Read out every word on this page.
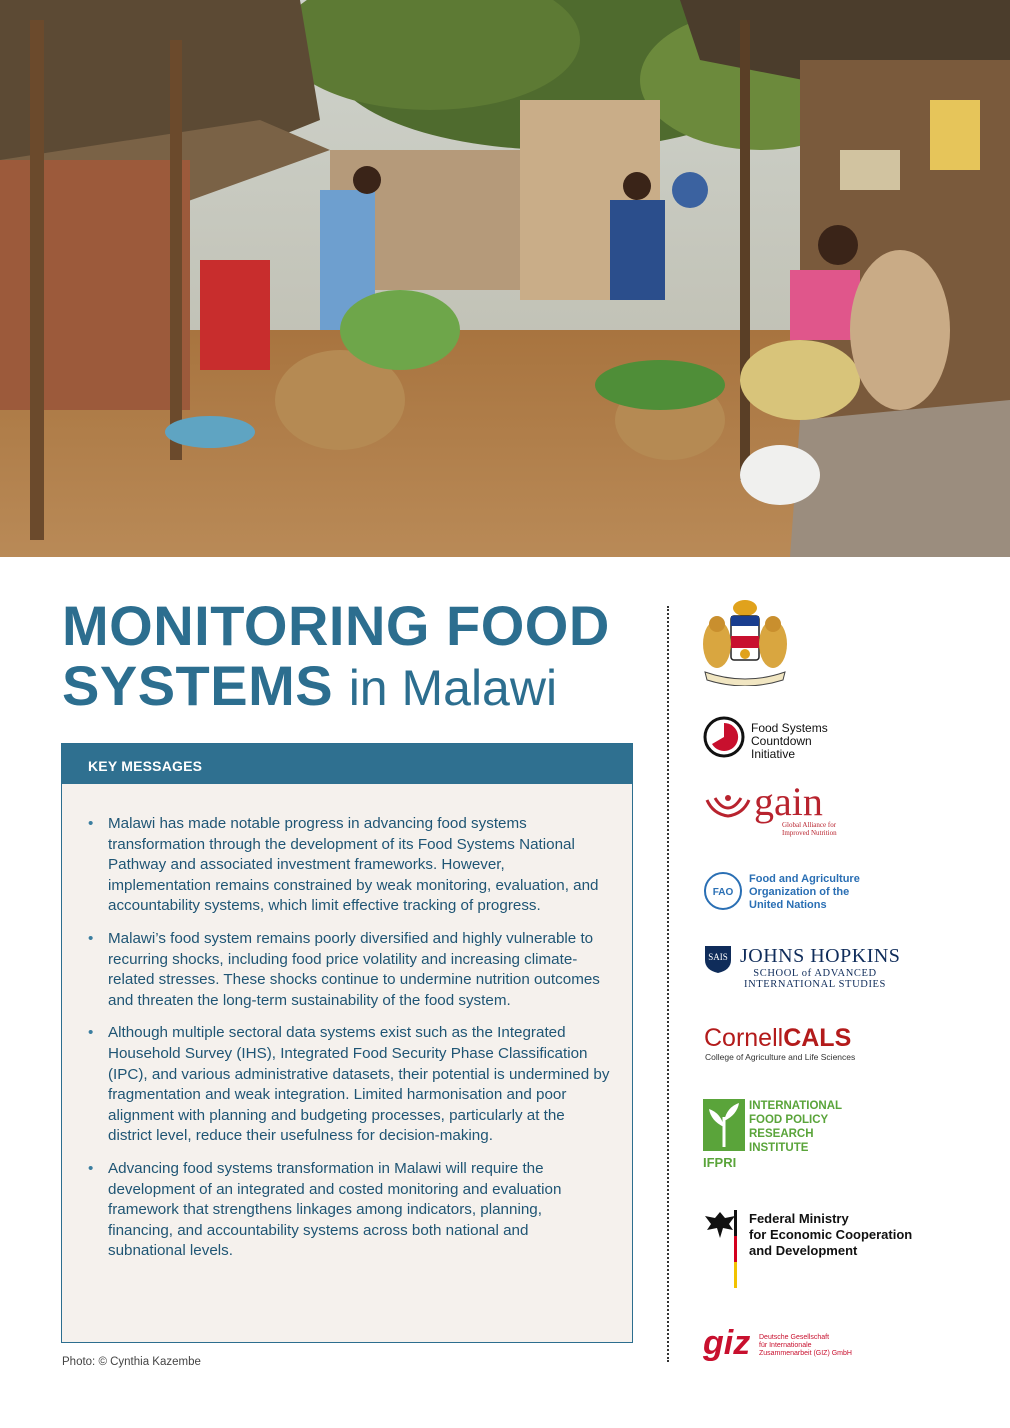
MONITORING FOOD SYSTEMS in Malawi
KEY MESSAGES
• Malawi has made notable progress in advancing food systems transformation through the development of its Food Systems National Pathway and associated investment frameworks. However, implementation remains constrained by weak monitoring, evaluation, and accountability systems, which limit effective tracking of progress.
• Malawi’s food system remains poorly diversified and highly vulnerable to recurring shocks, including food price volatility and increasing climate-related stresses. These shocks continue to undermine nutrition outcomes and threaten the long-term sustainability of the food system.
• Although multiple sectoral data systems exist such as the Integrated Household Survey (IHS), Integrated Food Security Phase Classification (IPC), and various administrative datasets, their potential is undermined by fragmentation and weak integration. Limited harmonisation and poor alignment with planning and budgeting processes, particularly at the district level, reduce their usefulness for decision-making.
• Advancing food systems transformation in Malawi will require the development of an integrated and costed monitoring and evaluation framework that strengthens linkages among indicators, planning, financing, and accountability systems across both national and subnational levels.
Photo: © Cynthia Kazembe
Food Systems
Countdown
Initiative
gain
Global Alliance for Improved Nutrition
FAO
Food and Agriculture
Organization of the
United Nations
SAIS JOHNS HOPKINS
SCHOOL of ADVANCED
INTERNATIONAL STUDIES
CornellCALS
College of Agriculture and Life Sciences
INTERNATIONAL
FOOD POLICY
RESEARCH
INSTITUTE
IFPRI
Federal Ministry
for Economic Cooperation
and Development
giz Deutsche Gesellschaft
für Internationale
Zusammenarbeit (GIZ) GmbH
